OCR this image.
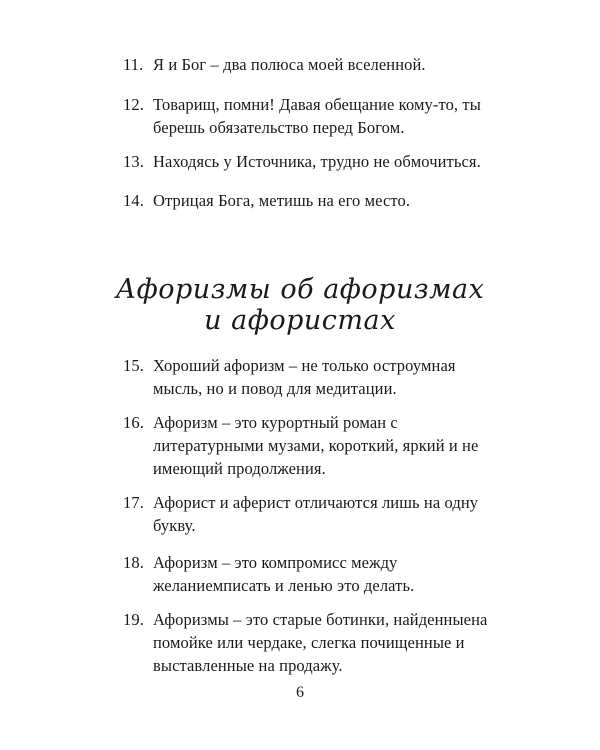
11. Я и Бог – два полюса моей вселенной.
12. Товарищ, помни! Давая обещание кому-то, ты
берешь обязательство перед Богом.
13. Находясь у Источника, трудно не обмочиться.
14. Отрицая Бога, метишь на его место.
Афоризмы об афоризмах
и афористах
15. Хороший афоризм – не только остроумная
мысль, но и повод для медитации.
16. Афоризм – это курортный роман с
литературными музами, короткий, яркий и не
имеющий продолжения.
17. Афорист и аферист отличаются лишь на одну
букву.
18. Афоризм – это компромисс между
желаниемписать и ленью это делать.
19. Афоризмы – это старые ботинки, найденныена
помойке или чердаке, слегка почищенные и
выставленные на продажу.
6
